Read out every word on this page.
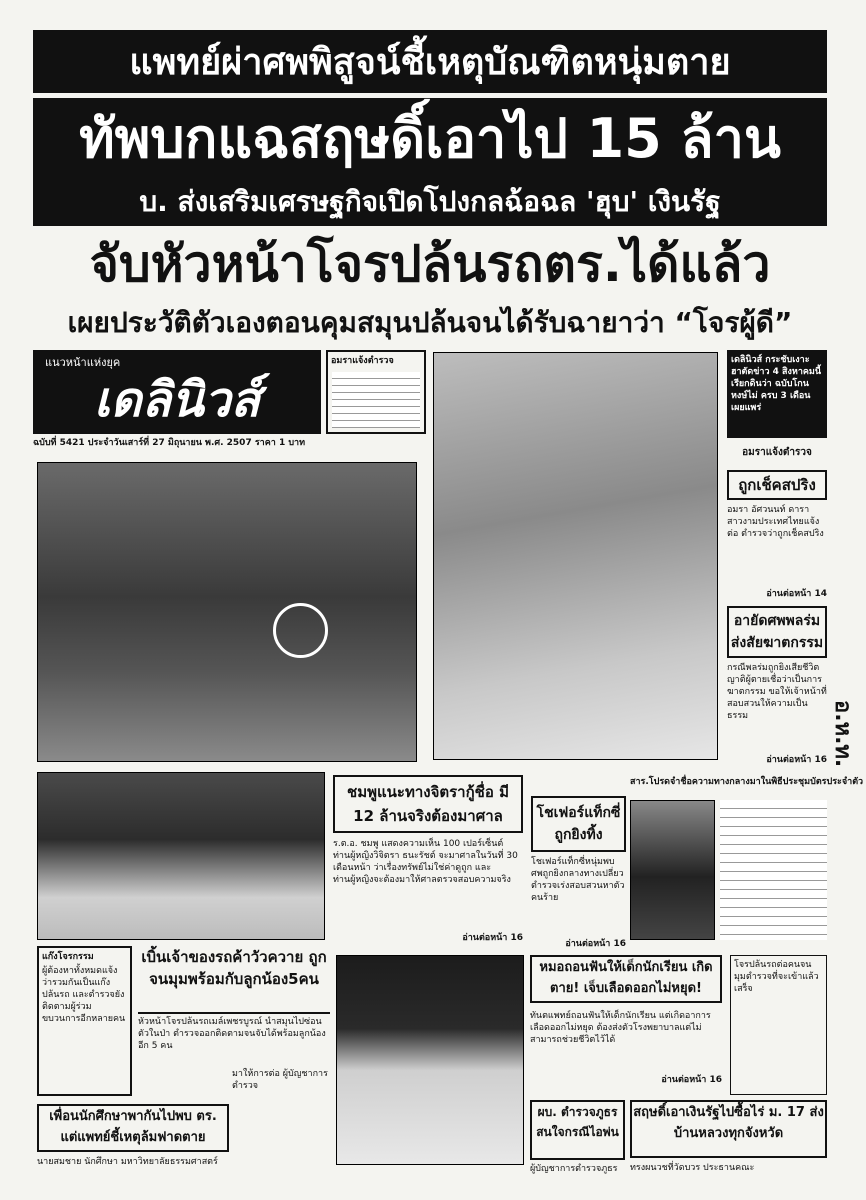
แพทย์ผ่าศพพิสูจน์ชี้เหตุบัณฑิตหนุ่มตาย
ทัพบกแฉสฤษดิ์เอาไป 15 ล้าน
บ. ส่งเสริมเศรษฐกิจเปิดโปงกลฉ้อฉล 'ฮุบ' เงินรัฐ
จับหัวหน้าโจรปล้นรถตร.ได้แล้ว
เผยประวัติตัวเองตอนคุมสมุนปล้นจนได้รับฉายาว่า “โจรผู้ดี”
แนวหน้าแห่งยุค
เดลินิวส์
ฉบับที่ 5421 ประจำวันเสาร์ที่ 27 มิถุนายน พ.ศ. 2507 ราคา 1 บาท
อมราแจ้งตำรวจ	เดลินิวส์ กระชับเงาะ ฮาตัดข่าว 4 สิงหาคมนี้ เรียกดินว่า ฉบับโกนหงษ์ไม่ ครบ 3 เดือนเผยแพร่
อมราแจ้งตำรวจ
ถูกเช็คสปริง
อมรา อัศวนนท์ ดารา สาวงามประเทศไทยแจ้งต่อ ตำรวจว่าถูกเช็คสปริง
อ่านต่อหน้า 14
อ.ห.ท.
อายัดศพพลร่มส่งสัยฆาตกรรม
กรณีพลร่มถูกยิงเสียชีวิต ญาติผู้ตายเชื่อว่าเป็นการฆาตกรรม ขอให้เจ้าหน้าที่สอบสวนให้ความเป็นธรรม
อ่านต่อหน้า 16
ชมพูแนะทางจิตรากู้ชื่อ มี 12 ล้านจริงต้องมาศาล
ร.ต.อ. ชมพู แสดงความเห็น 100 เปอร์เซ็นต์ ท่านผู้หญิงวิจิตรา ธนะรัชต์ จะมาศาลในวันที่ 30 เดือนหน้า ว่าเรื่องทรัพย์ไม่ใช่ค่าดูถูก และท่านผู้หญิงจะต้องมาให้ศาลตรวจสอบความจริง
อ่านต่อหน้า 16
โชเฟอร์แท็กซี่ ถูกยิงทิ้ง
โชเฟอร์แท็กซี่หนุ่มพบศพถูกยิงกลางทางเปลี่ยว ตำรวจเร่งสอบสวนหาตัวคนร้าย
อ่านต่อหน้า 16
สาร.โปรดจำชื่อความทางกลางมาในพิธีประชุมบัตรประจำตัว
แก๊งโจรกรรม
ผู้ต้องหาทั้งหมดแจ้งว่ารวมกันเป็นแก๊งปล้นรถ และตำรวจยังติดตามผู้ร่วมขบวนการอีกหลายคน
เบิ้นเจ้าของรถค้าวัวควาย ถูกจนมุมพร้อมกับลูกน้อง5คน
หัวหน้าโจรปล้นรถเมล์เพชรบูรณ์ นำสมุนไปซ่อนตัวในป่า ตำรวจออกติดตามจนจับได้พร้อมลูกน้องอีก 5 คน
มาให้การต่อ ผู้บัญชาการตำรวจ
เพื่อนนักศึกษาพากันไปพบ ตร. แต่แพทย์ชี้เหตุล้มฟาดตาย
นายสมชาย นักศึกษา มหาวิทยาลัยธรรมศาสตร์
หมอถอนฟันให้เด็กนักเรียน เกิดตาย! เจ็บเลือดออกไม่หยุด!
ทันตแพทย์ถอนฟันให้เด็กนักเรียน แต่เกิดอาการเลือดออกไม่หยุด ต้องส่งตัวโรงพยาบาลแต่ไม่สามารถช่วยชีวิตไว้ได้
อ่านต่อหน้า 16
โจรปล้นรถต่อคนจนมุมตำรวจที่จะเข้าแล้วเสร็จ
ผบ. ตำรวจภูธร สนใจกรณีไอพ่น
ผู้บัญชาการตำรวจภูธร
สฤษดิ์เอาเงินรัฐไปซื้อไร่ ม. 17 ส่งบ้านหลวงทุกจังหวัด
ทรงผนวชที่วัดบวร ประธานคณะ
